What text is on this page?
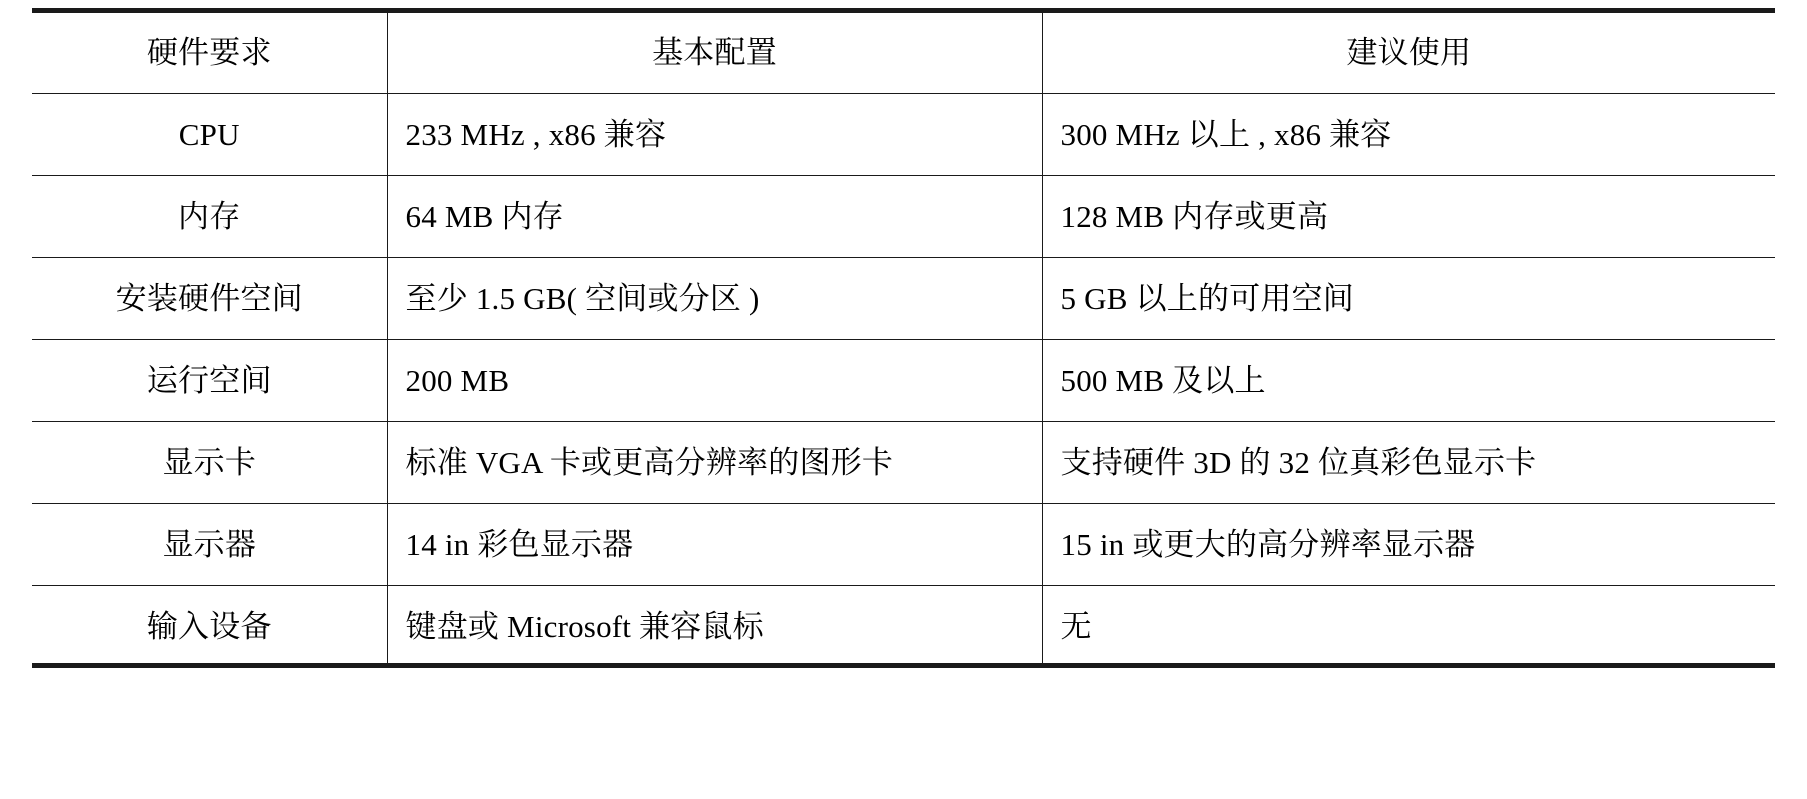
硬件要求	基本配置	建议使用
CPU	233 MHz , x86 兼容	300 MHz 以上 , x86 兼容
内存	64 MB 内存	128 MB 内存或更高
安装硬件空间	至少 1.5 GB( 空间或分区 )	5 GB 以上的可用空间
运行空间	200 MB	500 MB 及以上
显示卡	标准 VGA 卡或更高分辨率的图形卡	支持硬件 3D 的 32 位真彩色显示卡
显示器	14 in 彩色显示器	15 in 或更大的高分辨率显示器
输入设备	键盘或 Microsoft 兼容鼠标	无
